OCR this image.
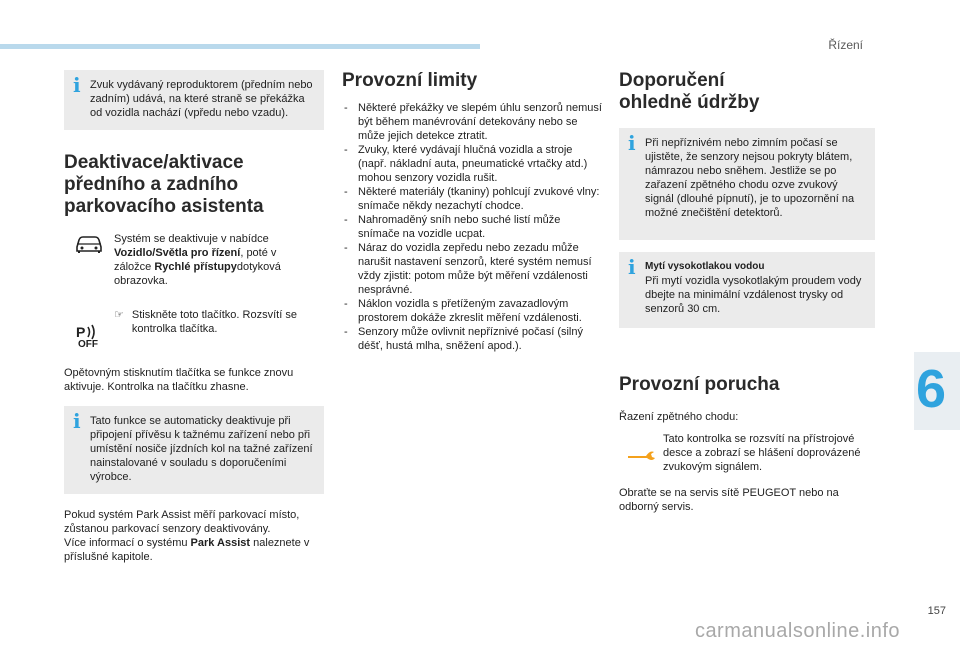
Řízení
6
157
carmanualsonline.info
i Zvuk vydávaný reproduktorem (předním nebo zadním) udává, na které straně se překážka od vozidla nachází (vpředu nebo vzadu).
Deaktivace/aktivace předního a zadního parkovacího asistenta

Systém se deaktivuje v nabídce Vozidlo/Světla pro řízení, poté v záložce Rychlé přístupydotyková obrazovka.

P
OFF
☞ Stiskněte toto tlačítko. Rozsvítí se kontrolka tlačítka.

Opětovným stisknutím tlačítka se funkce znovu aktivuje. Kontrolka na tlačítku zhasne.

i Tato funkce se automaticky deaktivuje při připojení přívěsu k tažnému zařízení nebo při umístění nosiče jízdních kol na tažné zařízení nainstalované v souladu s doporučeními výrobce.

Pokud systém Park Assist měří parkovací místo, zůstanou parkovací senzory deaktivovány.
Více informací o systému Park Assist naleznete v příslušné kapitole.

Provozní limity
- Některé překážky ve slepém úhlu senzorů nemusí být během manévrování detekovány nebo se může jejich detekce ztratit.
- Zvuky, které vydávají hlučná vozidla a stroje (např. nákladní auta, pneumatické vrtačky atd.) mohou senzory vozidla rušit.
- Některé materiály (tkaniny) pohlcují zvukové vlny: snímače někdy nezachytí chodce.
- Nahromaděný sníh nebo suché listí může snímače na vozidle ucpat.
- Náraz do vozidla zepředu nebo zezadu může narušit nastavení senzorů, které systém nemusí vždy zjistit: potom může být měření vzdálenosti nesprávné.
- Náklon vozidla s přetíženým zavazadlovým prostorem dokáže zkreslit měření vzdálenosti.
- Senzory může ovlivnit nepříznivé počasí (silný déšť, hustá mlha, sněžení apod.).
Doporučení ohledně údržby
i Při nepříznivém nebo zimním počasí se ujistěte, že senzory nejsou pokryty blátem, námrazou nebo sněhem. Jestliže se po zařazení zpětného chodu ozve zvukový signál (dlouhé pípnutí), je to upozornění na možné znečištění detektorů.
i Mytí vysokotlakou vodou
Při mytí vozidla vysokotlakým proudem vody dbejte na minimální vzdálenost trysky od senzorů 30 cm.
Provozní porucha

Řazení zpětného chodu:

Tato kontrolka se rozsvítí na přístrojové desce a zobrazí se hlášení doprovázené zvukovým signálem.

Obraťte se na servis sítě PEUGEOT nebo na odborný servis.
